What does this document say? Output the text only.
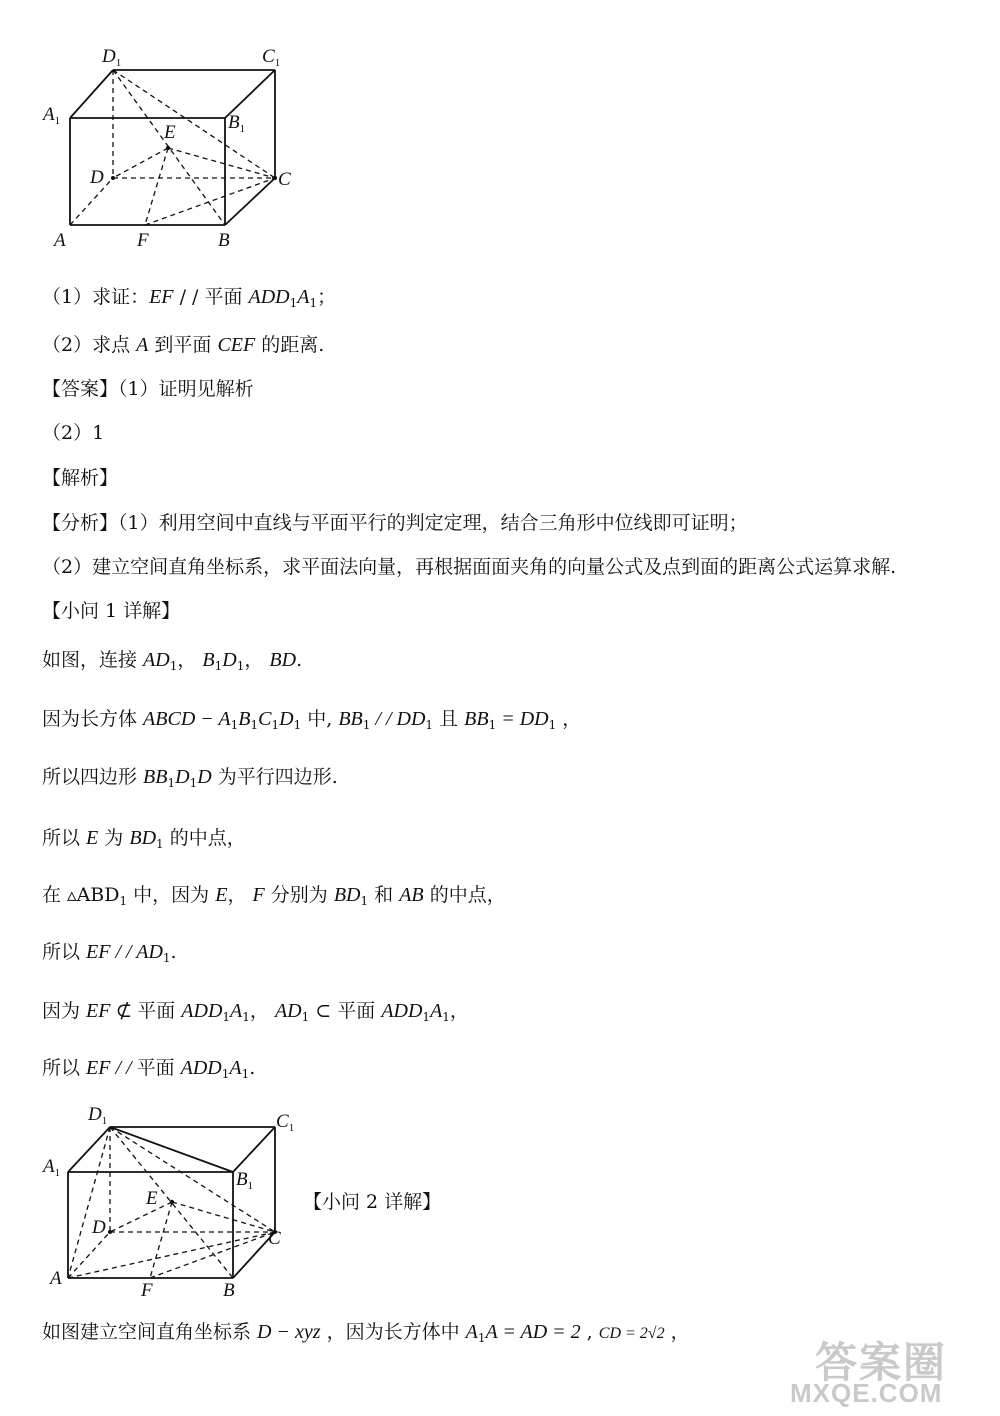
$D_1$	$C_1$
$A_1$	$B_1$
E
D	C
A	F	B
（1）求证：EF / / 平面 $ADD_1A_1$；
（2）求点 A 到平面 CEF 的距离.
【答案】（1）证明见解析
（2）1
【解析】
【分析】（1）利用空间中直线与平面平行的判定定理，结合三角形中位线即可证明；
（2）建立空间直角坐标系，求平面法向量，再根据面面夹角的向量公式及点到面的距离公式运算求解.
【小问 1 详解】
如图，连接 $AD_1$， $B_1D_1$， BD.
因为长方体 ABCD − $A_1B_1C_1D_1$ 中, $BB_1$ / / $DD_1$ 且 $BB_1 = DD_1$ ，
所以四边形 $BB_1D_1D$ 为平行四边形.
所以 E 为 $BD_1$ 的中点，
在 $▵ABD_1$ 中，因为 E， F 分别为 $BD_1$ 和 AB 的中点，
所以 EF / / $AD_1$.
因为 EF ⊄ 平面 $ADD_1A_1$， $AD_1$ ⊂ 平面 $ADD_1A_1$，
所以 EF / / 平面 $ADD_1A_1$.
$D_1$	$C_1$
$A_1$	$B_1$
E
D
C
A
F	B
【小问 2 详解】
如图建立空间直角坐标系 D − xyz ，因为长方体中 $A_1A$ = AD = 2 , CD = 2√2 ，
答案圈
MXQE.COM
